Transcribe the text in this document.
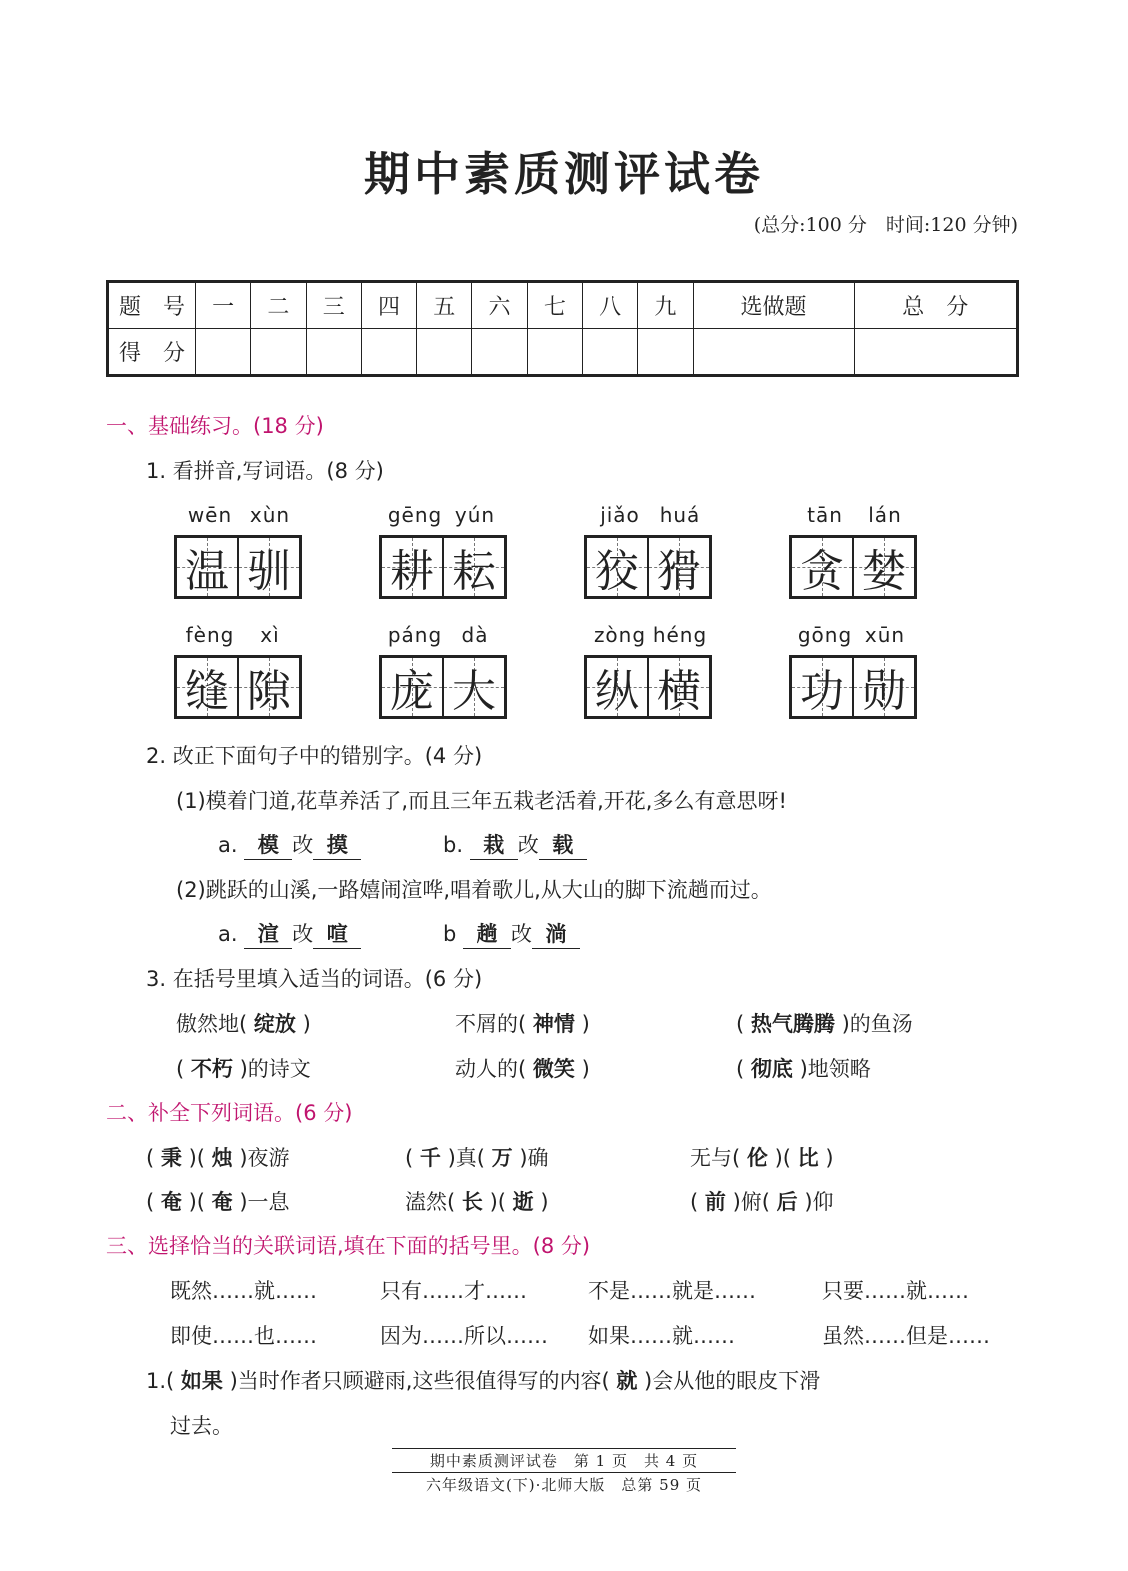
期中素质测评试卷
(总分:100 分　时间:120 分钟)
题　号	一	二	三	四	五	六	七	八	九	选做题	总　分
得　分											
一、基础练习。(18 分)
1. 看拼音,写词语。(8 分)
wēn xùn
温 驯
gēng yún
耕 耘
jiǎo huá
狡 猾
tān lán
贪 婪
fèng xì
缝 隙
páng dà
庞 大
zòng héng
纵 横
gōng xūn
功 勋
2. 改正下面句子中的错别字。(4 分)
(1)模着门道,花草养活了,而且三年五栽老活着,开花,多么有意思呀!
a. 模 改 摸	b. 栽 改 载
(2)跳跃的山溪,一路嬉闹渲哗,唱着歌儿,从大山的脚下流趟而过。
a. 渲 改 喧	b 趟 改 淌
3. 在括号里填入适当的词语。(6 分)
傲然地( 绽放 )	不屑的( 神情 )	( 热气腾腾 )的鱼汤
( 不朽 )的诗文	动人的( 微笑 )	( 彻底 )地领略
二、补全下列词语。(6 分)
( 秉 )( 烛 )夜游	( 千 )真( 万 )确	无与( 伦 )( 比 )
( 奄 )( 奄 )一息	溘然( 长 )( 逝 )	( 前 )俯( 后 )仰
三、选择恰当的关联词语,填在下面的括号里。(8 分)
既然……就……	只有……才……	不是……就是……	只要……就……
即使……也……	因为……所以…… 如果……就……	虽然……但是……
1.( 如果 )当时作者只顾避雨,这些很值得写的内容( 就 )会从他的眼皮下滑
过去。
期中素质测评试卷　第 1 页　共 4 页
六年级语文(下)·北师大版　总第 59 页
